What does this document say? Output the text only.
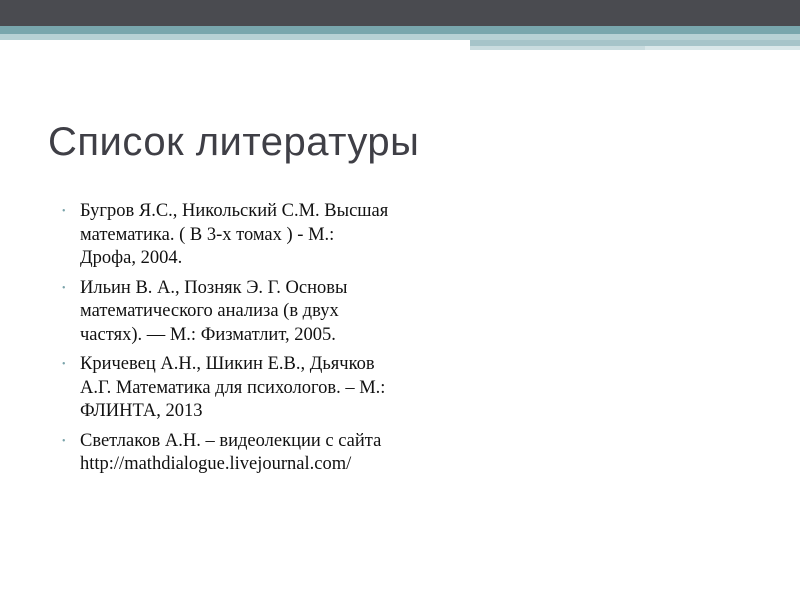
Список литературы
• Бугров Я.С., Никольский С.М. Высшая математика. ( В 3-х томах ) - М.: Дрофа, 2004.
• Ильин В. А., Позняк Э. Г. Основы математического анализа (в двух частях). — М.: Физматлит, 2005.
• Кричевец А.Н., Шикин Е.В., Дьячков А.Г. Математика для психологов. – М.: ФЛИНТА, 2013
• Светлаков А.Н. – видеолекции с сайта http://mathdialogue.livejournal.com/
